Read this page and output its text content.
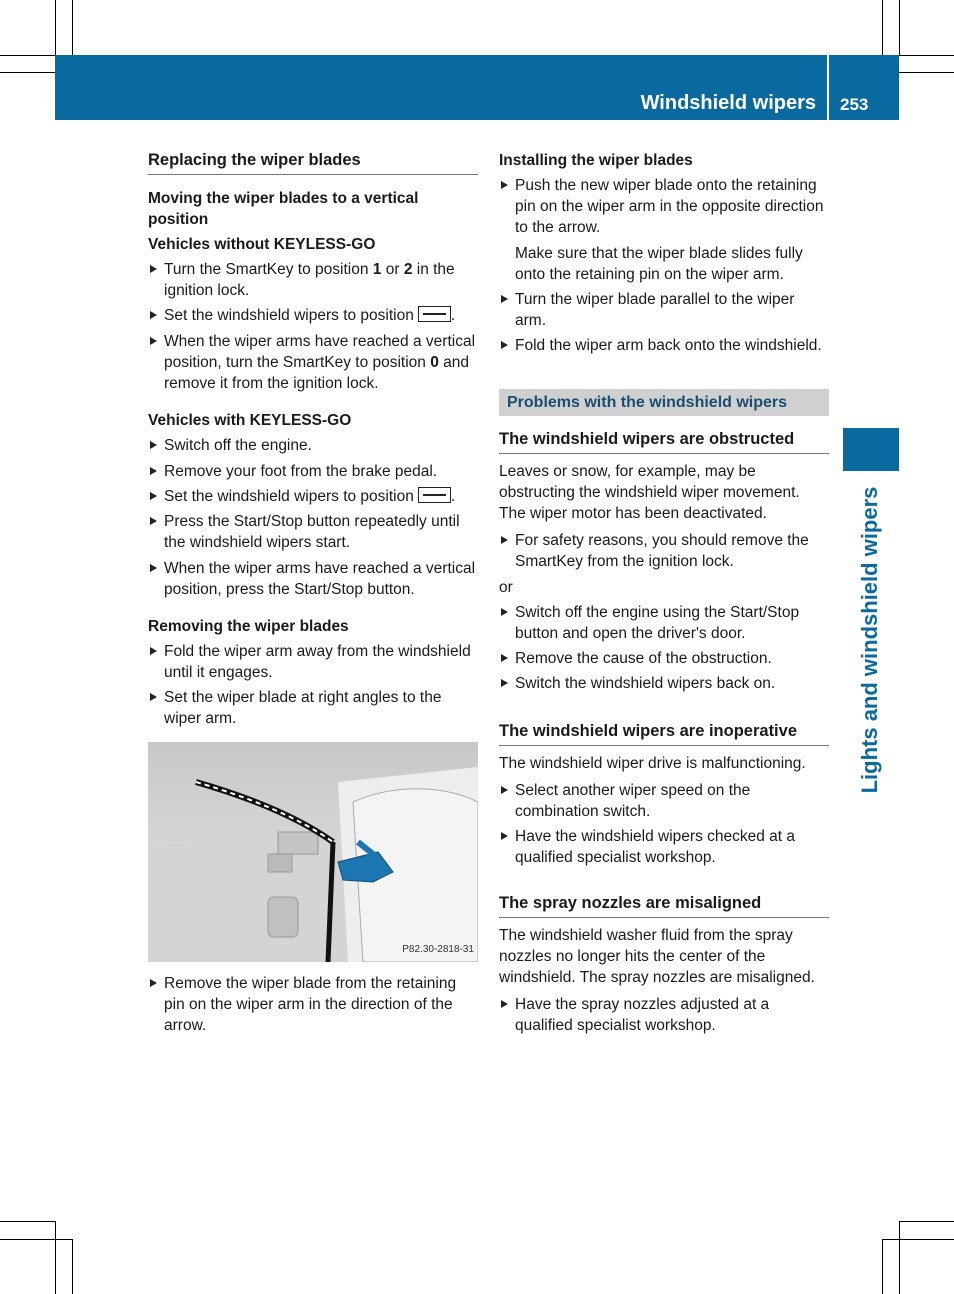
Windshield wipers 253
Lights and windshield wipers
Replacing the wiper blades
Moving the wiper blades to a vertical position
Vehicles without KEYLESS-GO

Turn the SmartKey to position 1 or 2 in the ignition lock.

Set the windshield wipers to position .

When the wiper arms have reached a vertical position, turn the SmartKey to position 0 and remove it from the ignition lock.

Vehicles with KEYLESS-GO

Switch off the engine.

Remove your foot from the brake pedal.

Set the windshield wipers to position .

Press the Start/Stop button repeatedly until the windshield wipers start.

When the wiper arms have reached a vertical position, press the Start/Stop button.

Removing the wiper blades

Fold the wiper arm away from the windshield until it engages.

Set the wiper blade at right angles to the wiper arm.

P82.30-2818-31

Remove the wiper blade from the retaining pin on the wiper arm in the direction of the arrow.

Installing the wiper blades

Push the new wiper blade onto the retaining pin on the wiper arm in the opposite direction to the arrow.

Make sure that the wiper blade slides fully onto the retaining pin on the wiper arm.

Turn the wiper blade parallel to the wiper arm.

Fold the wiper arm back onto the windshield.

Problems with the windshield wipers
The windshield wipers are obstructed

Leaves or snow, for example, may be obstructing the windshield wiper movement. The wiper motor has been deactivated.

For safety reasons, you should remove the SmartKey from the ignition lock.

or

Switch off the engine using the Start/Stop button and open the driver's door.

Remove the cause of the obstruction.

Switch the windshield wipers back on.

The windshield wipers are inoperative

The windshield wiper drive is malfunctioning.

Select another wiper speed on the combination switch.

Have the windshield wipers checked at a qualified specialist workshop.

The spray nozzles are misaligned

The windshield washer fluid from the spray nozzles no longer hits the center of the windshield. The spray nozzles are misaligned.

Have the spray nozzles adjusted at a qualified specialist workshop.
